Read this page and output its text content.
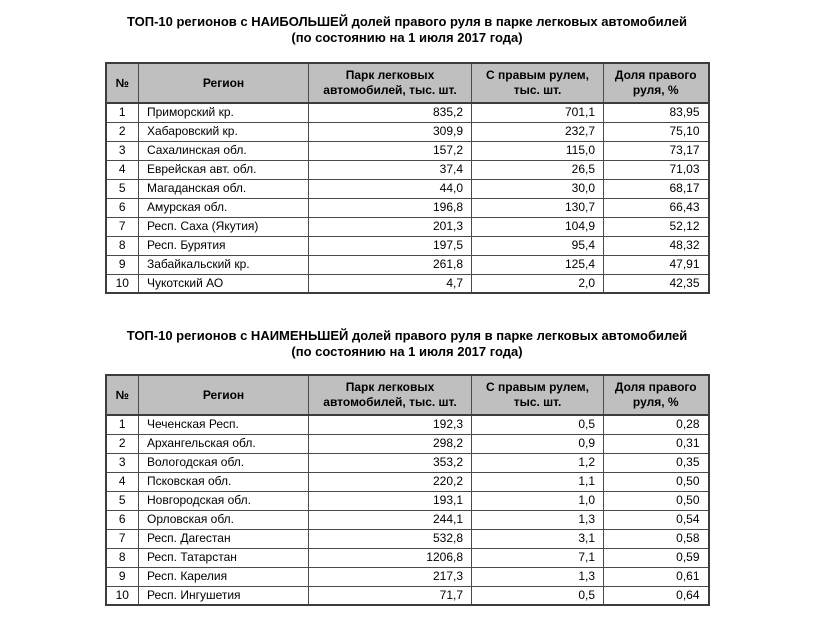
ТОП-10 регионов с НАИБОЛЬШЕЙ долей правого руля в парке легковых автомобилей
(по состоянию на 1 июля 2017 года)
№	Регион	Парк легковых автомобилей, тыс. шт.	С правым рулем, тыс. шт.	Доля правого руля, %
1	Приморский кр.	835,2	701,1	83,95
2	Хабаровский кр.	309,9	232,7	75,10
3	Сахалинская обл.	157,2	115,0	73,17
4	Еврейская авт. обл.	37,4	26,5	71,03
5	Магаданская обл.	44,0	30,0	68,17
6	Амурская обл.	196,8	130,7	66,43
7	Респ. Саха (Якутия)	201,3	104,9	52,12
8	Респ. Бурятия	197,5	95,4	48,32
9	Забайкальский кр.	261,8	125,4	47,91
10	Чукотский АО	4,7	2,0	42,35
ТОП-10 регионов с НАИМЕНЬШЕЙ долей правого руля в парке легковых автомобилей
(по состоянию на 1 июля 2017 года)
№	Регион	Парк легковых автомобилей, тыс. шт.	С правым рулем, тыс. шт.	Доля правого руля, %
1	Чеченская Респ.	192,3	0,5	0,28
2	Архангельская обл.	298,2	0,9	0,31
3	Вологодская обл.	353,2	1,2	0,35
4	Псковская обл.	220,2	1,1	0,50
5	Новгородская обл.	193,1	1,0	0,50
6	Орловская обл.	244,1	1,3	0,54
7	Респ. Дагестан	532,8	3,1	0,58
8	Респ. Татарстан	1206,8	7,1	0,59
9	Респ. Карелия	217,3	1,3	0,61
10	Респ. Ингушетия	71,7	0,5	0,64
